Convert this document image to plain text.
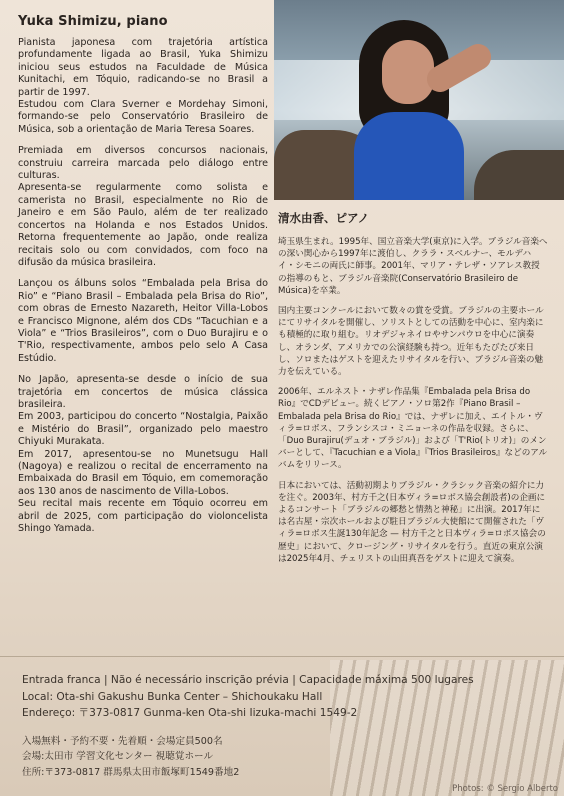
Yuka Shimizu, piano

Pianista japonesa com trajetória artística profundamente ligada ao Brasil, Yuka Shimizu iniciou seus estudos na Faculdade de Música Kunitachi, em Tóquio, radicando-se no Brasil a partir de 1997.

Estudou com Clara Sverner e Mordehay Simoni, formando-se pelo Conservatório Brasileiro de Música, sob a orientação de Maria Teresa Soares.

Premiada em diversos concursos nacionais, construiu carreira marcada pelo diálogo entre culturas.

Apresenta-se regularmente como solista e camerista no Brasil, especialmente no Rio de Janeiro e em São Paulo, além de ter realizado concertos na Holanda e nos Estados Unidos. Retorna frequentemente ao Japão, onde realiza recitais solo ou com convidados, com foco na difusão da música brasileira.

Lançou os álbuns solos “Embalada pela Brisa do Rio” e “Piano Brasil – Embalada pela Brisa do Rio”, com obras de Ernesto Nazareth, Heitor Villa-Lobos e Francisco Mignone, além dos CDs “Tacuchian e a Viola” e “Trios Brasileiros”, com o Duo Burajiru e o T'Rio, respectivamente, ambos pelo selo A Casa Estúdio.

No Japão, apresenta-se desde o início de sua trajetória em concertos de música clássica brasileira.

Em 2003, participou do concerto “Nostalgia, Paixão e Mistério do Brasil”, organizado pelo maestro Chiyuki Murakata.

Em 2017, apresentou-se no Munetsugu Hall (Nagoya) e realizou o recital de encerramento na Embaixada do Brasil em Tóquio, em comemoração aos 130 anos de nascimento de Villa-Lobos.

Seu recital mais recente em Tóquio ocorreu em abril de 2025, com participação do violoncelista Shingo Yamada.

清水由香、ピアノ

埼玉県生まれ。1995年、国立音楽大学(東京)に入学。ブラジル音楽への深い関心から1997年に渡伯し、クララ・スベルナー、モルデハイ・シモニの両氏に師事。2001年、マリア・テレザ・ソアレス教授の指導のもと、ブラジル音楽院(Conservatório Brasileiro de Música)を卒業。

国内主要コンクールにおいて数々の賞を受賞。ブラジルの主要ホールにてリサイタルを開催し、ソリストとしての活動を中心に、室内楽にも積極的に取り組む。リオデジャネイロやサンパウロを中心に演奏し、オランダ、アメリカでの公演経験も持つ。近年もたびたび来日し、ソロまたはゲストを迎えたリサイタルを行い、ブラジル音楽の魅力を伝えている。

2006年、エルネスト・ナザレ作品集『Embalada pela Brisa do Rio』でCDデビュー。続くピアノ・ソロ第2作『Piano Brasil – Embalada pela Brisa do Rio』では、ナザレに加え、エイトル・ヴィラ=ロボス、フランシスコ・ミニョーネの作品を収録。さらに、「Duo Burajiru(デュオ・ブラジル)」および「T'Rio(トリオ)」のメンバーとして、『Tacuchian e a Viola』『Trios Brasileiros』などのアルバムをリリース。

日本においては、活動初期よりブラジル・クラシック音楽の紹介に力を注ぐ。2003年、村方千之(日本ヴィラ=ロボス協会創設者)の企画によるコンサート「ブラジルの郷愁と情熱と神秘」に出演。2017年には名古屋・宗次ホールおよび駐日ブラジル大使館にて開催された「ヴィラ=ロボス生誕130年記念 — 村方千之と日本ヴィラ=ロボス協会の歴史」において、クロージング・リサイタルを行う。直近の東京公演は2025年4月、チェリストの山田真吾をゲストに迎えて演奏。

Entrada franca | Não é necessário inscrição prévia | Capacidade máxima 500 lugares
Local: Ota-shi Gakushu Bunka Center – Shichoukaku Hall
Endereço: 〒373-0817 Gunma-ken Ota-shi Iizuka-machi 1549-2
入場無料・予約不要・先着順・会場定員500名
会場:太田市 学習文化センター 視聴覚ホール
住所:〒373-0817 群馬県太田市飯塚町1549番地2
Photos: © Sergio Alberto
